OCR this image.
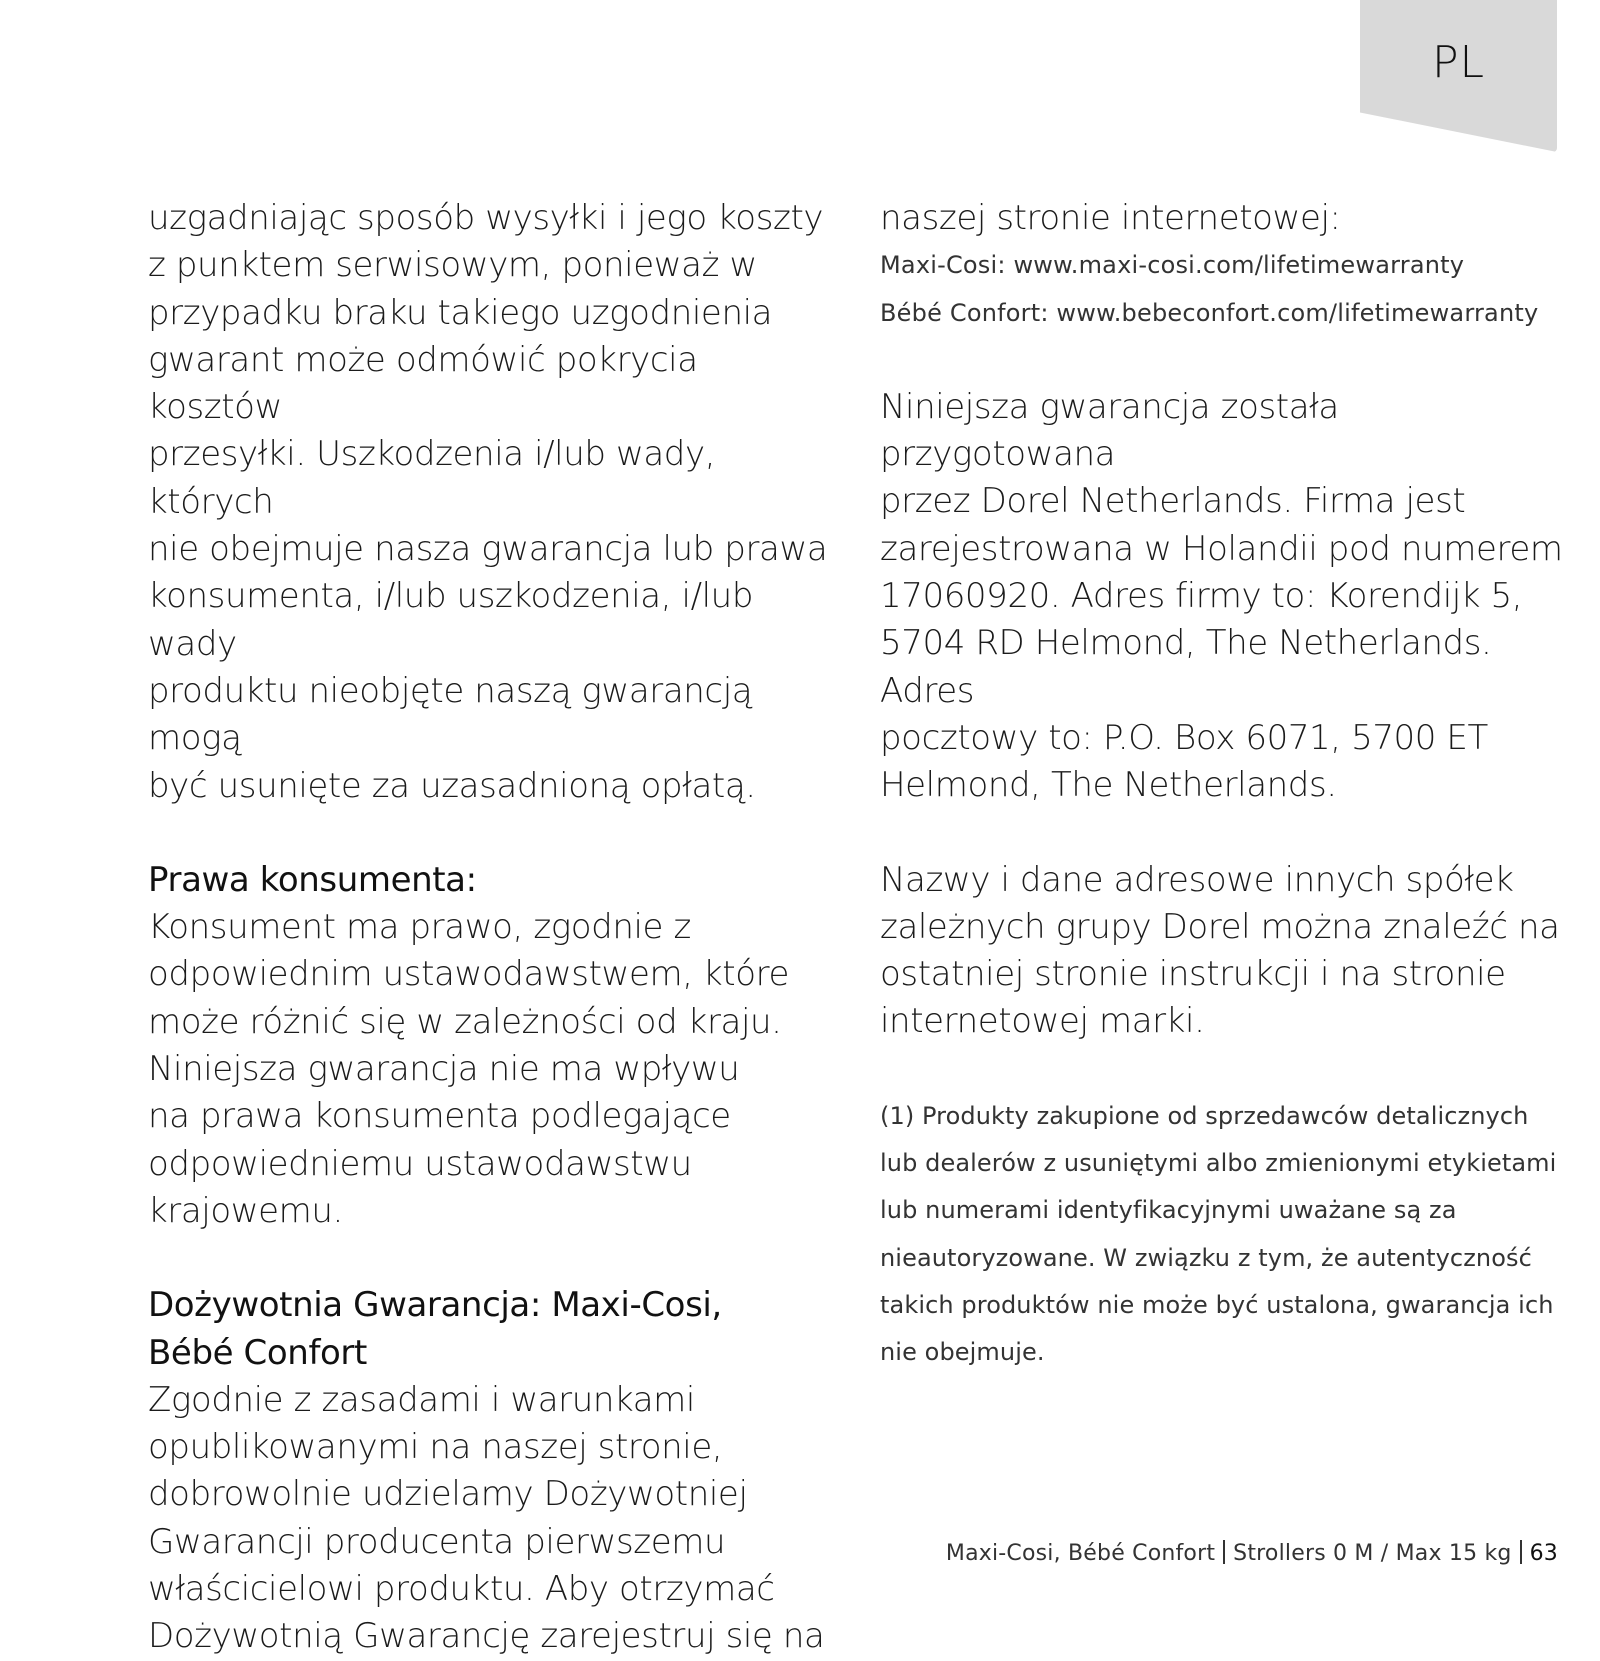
PL

uzgadniając sposób wysyłki i jego koszty

z punktem serwisowym, ponieważ w

przypadku braku takiego uzgodnienia

gwarant może odmówić pokrycia kosztów

przesyłki. Uszkodzenia i/lub wady, których

nie obejmuje nasza gwarancja lub prawa

konsumenta, i/lub uszkodzenia, i/lub wady

produktu nieobjęte naszą gwarancją mogą

być usunięte za uzasadnioną opłatą.

Prawa konsumenta:

Konsument ma prawo, zgodnie z

odpowiednim ustawodawstwem, które

może różnić się w zależności od kraju.

Niniejsza gwarancja nie ma wpływu

na prawa konsumenta podlegające

odpowiedniemu ustawodawstwu

krajowemu.

Dożywotnia Gwarancja: Maxi-Cosi,

Bébé Confort

Zgodnie z zasadami i warunkami

opublikowanymi na naszej stronie,

dobrowolnie udzielamy Dożywotniej

Gwarancji producenta pierwszemu

właścicielowi produktu. Aby otrzymać

Dożywotnią Gwarancję zarejestruj się na

naszej stronie internetowej:

Maxi-Cosi: www.maxi-cosi.com/lifetimewarranty

Bébé Confort: www.bebeconfort.com/lifetimewarranty

Niniejsza gwarancja została przygotowana

przez Dorel Netherlands. Firma jest

zarejestrowana w Holandii pod numerem

17060920. Adres firmy to: Korendijk 5,

5704 RD Helmond, The Netherlands. Adres

pocztowy to: P.O. Box 6071, 5700 ET

Helmond, The Netherlands.

Nazwy i dane adresowe innych spółek

zależnych grupy Dorel można znaleźć na

ostatniej stronie instrukcji i na stronie

internetowej marki.

(1) Produkty zakupione od sprzedawców detalicznych

lub dealerów z usuniętymi albo zmienionymi etykietami

lub numerami identyfikacyjnymi uważane są za

nieautoryzowane. W związku z tym, że autentyczność

takich produktów nie może być ustalona, gwarancja ich

nie obejmuje.

Maxi-Cosi, Bébé Confort Strollers 0 M / Max 15 kg 63
